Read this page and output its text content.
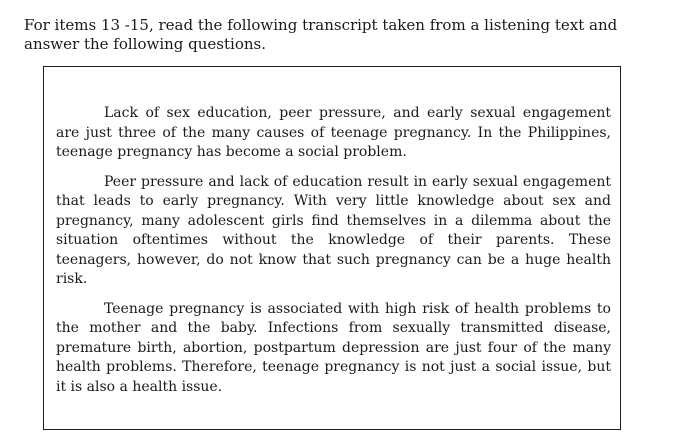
For items 13 -15, read the following transcript taken from a listening text and answer the following questions.

Lack of sex education, peer pressure, and early sexual engagement are just three of the many causes of teenage pregnancy. In the Philippines, teenage pregnancy has become a social problem.

Peer pressure and lack of education result in early sexual engagement that leads to early pregnancy. With very little knowledge about sex and pregnancy, many adolescent girls find themselves in a dilemma about the situation oftentimes without the knowledge of their parents. These teenagers, however, do not know that such pregnancy can be a huge health risk.

Teenage pregnancy is associated with high risk of health problems to the mother and the baby. Infections from sexually transmitted disease, premature birth, abortion, postpartum depression are just four of the many health problems. Therefore, teenage pregnancy is not just a social issue, but it is also a health issue.
